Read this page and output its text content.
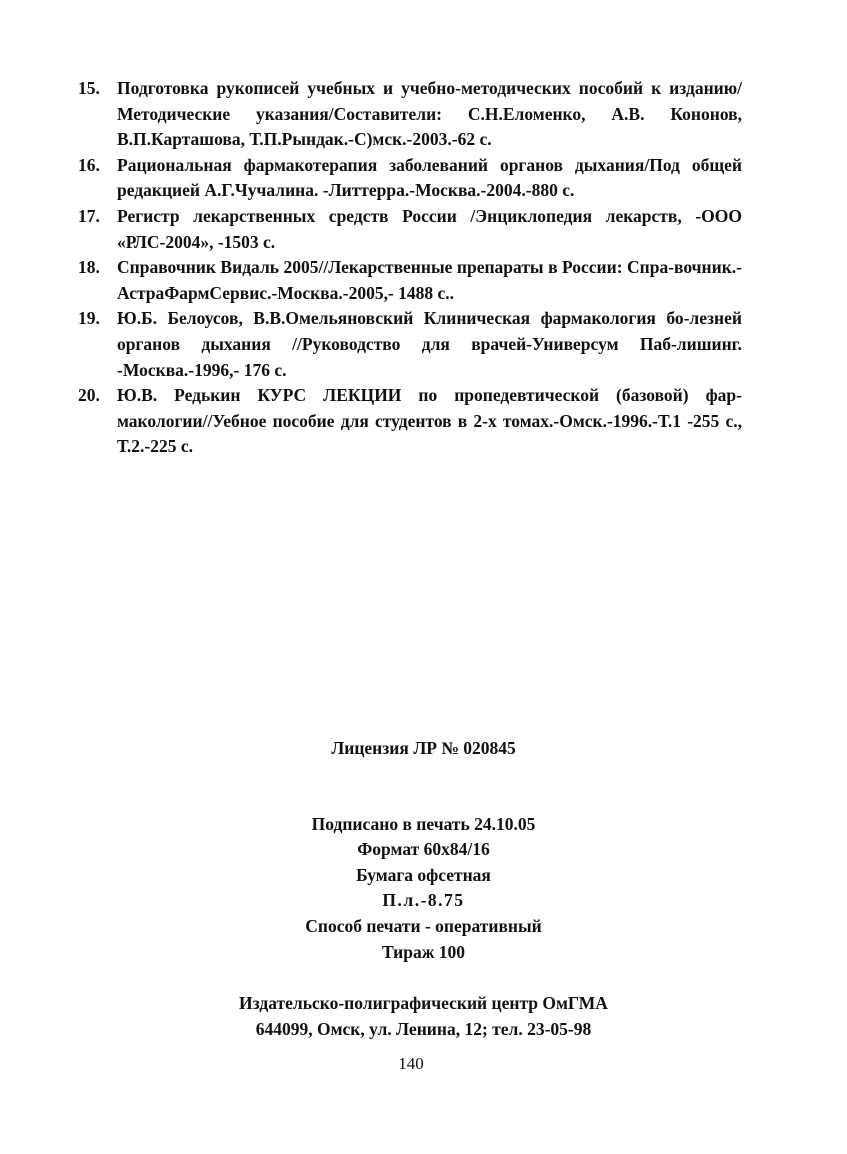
15. Подготовка рукописей учебных и учебно-методических пособий к изданию/Методические указания/Составители: С.Н.Еломенко, А.В. Кононов, В.П.Карташова, Т.П.Рындак.-С)мск.-2003.-62 с.
16. Рациональная фармакотерапия заболеваний органов дыхания/Под общей редакцией А.Г.Чучалина. -Литтерра.-Москва.-2004.-880 с.
17. Регистр лекарственных средств России /Энциклопедия лекарств, -ООО «РЛС-2004», -1503 с.
18. Справочник Видаль 2005//Лекарственные препараты в России: Спра-вочник.-АстраФармСервис.-Москва.-2005,- 1488 с..
19. Ю.Б. Белоусов, В.В.Омельяновский Клиническая фармакология бо-лезней органов дыхания //Руководство для врачей-Универсум Паб-лишинг. -Москва.-1996,- 176 с.
20. Ю.В. Редькин КУРС ЛЕКЦИИ по пропедевтической (базовой) фар-макологии//Уебное пособие для студентов в 2-х томах.-Омск.-1996.-Т.1 -255 с., Т.2.-225 с.

Лицензия ЛР № 020845

Подписано в печать 24.10.05

Формат 60x84/16

Бумага офсетная

П.л.-8.75

Способ печати - оперативный

Тираж 100

Издательско-полиграфический центр ОмГМА

644099, Омск, ул. Ленина, 12; тел. 23-05-98

140
